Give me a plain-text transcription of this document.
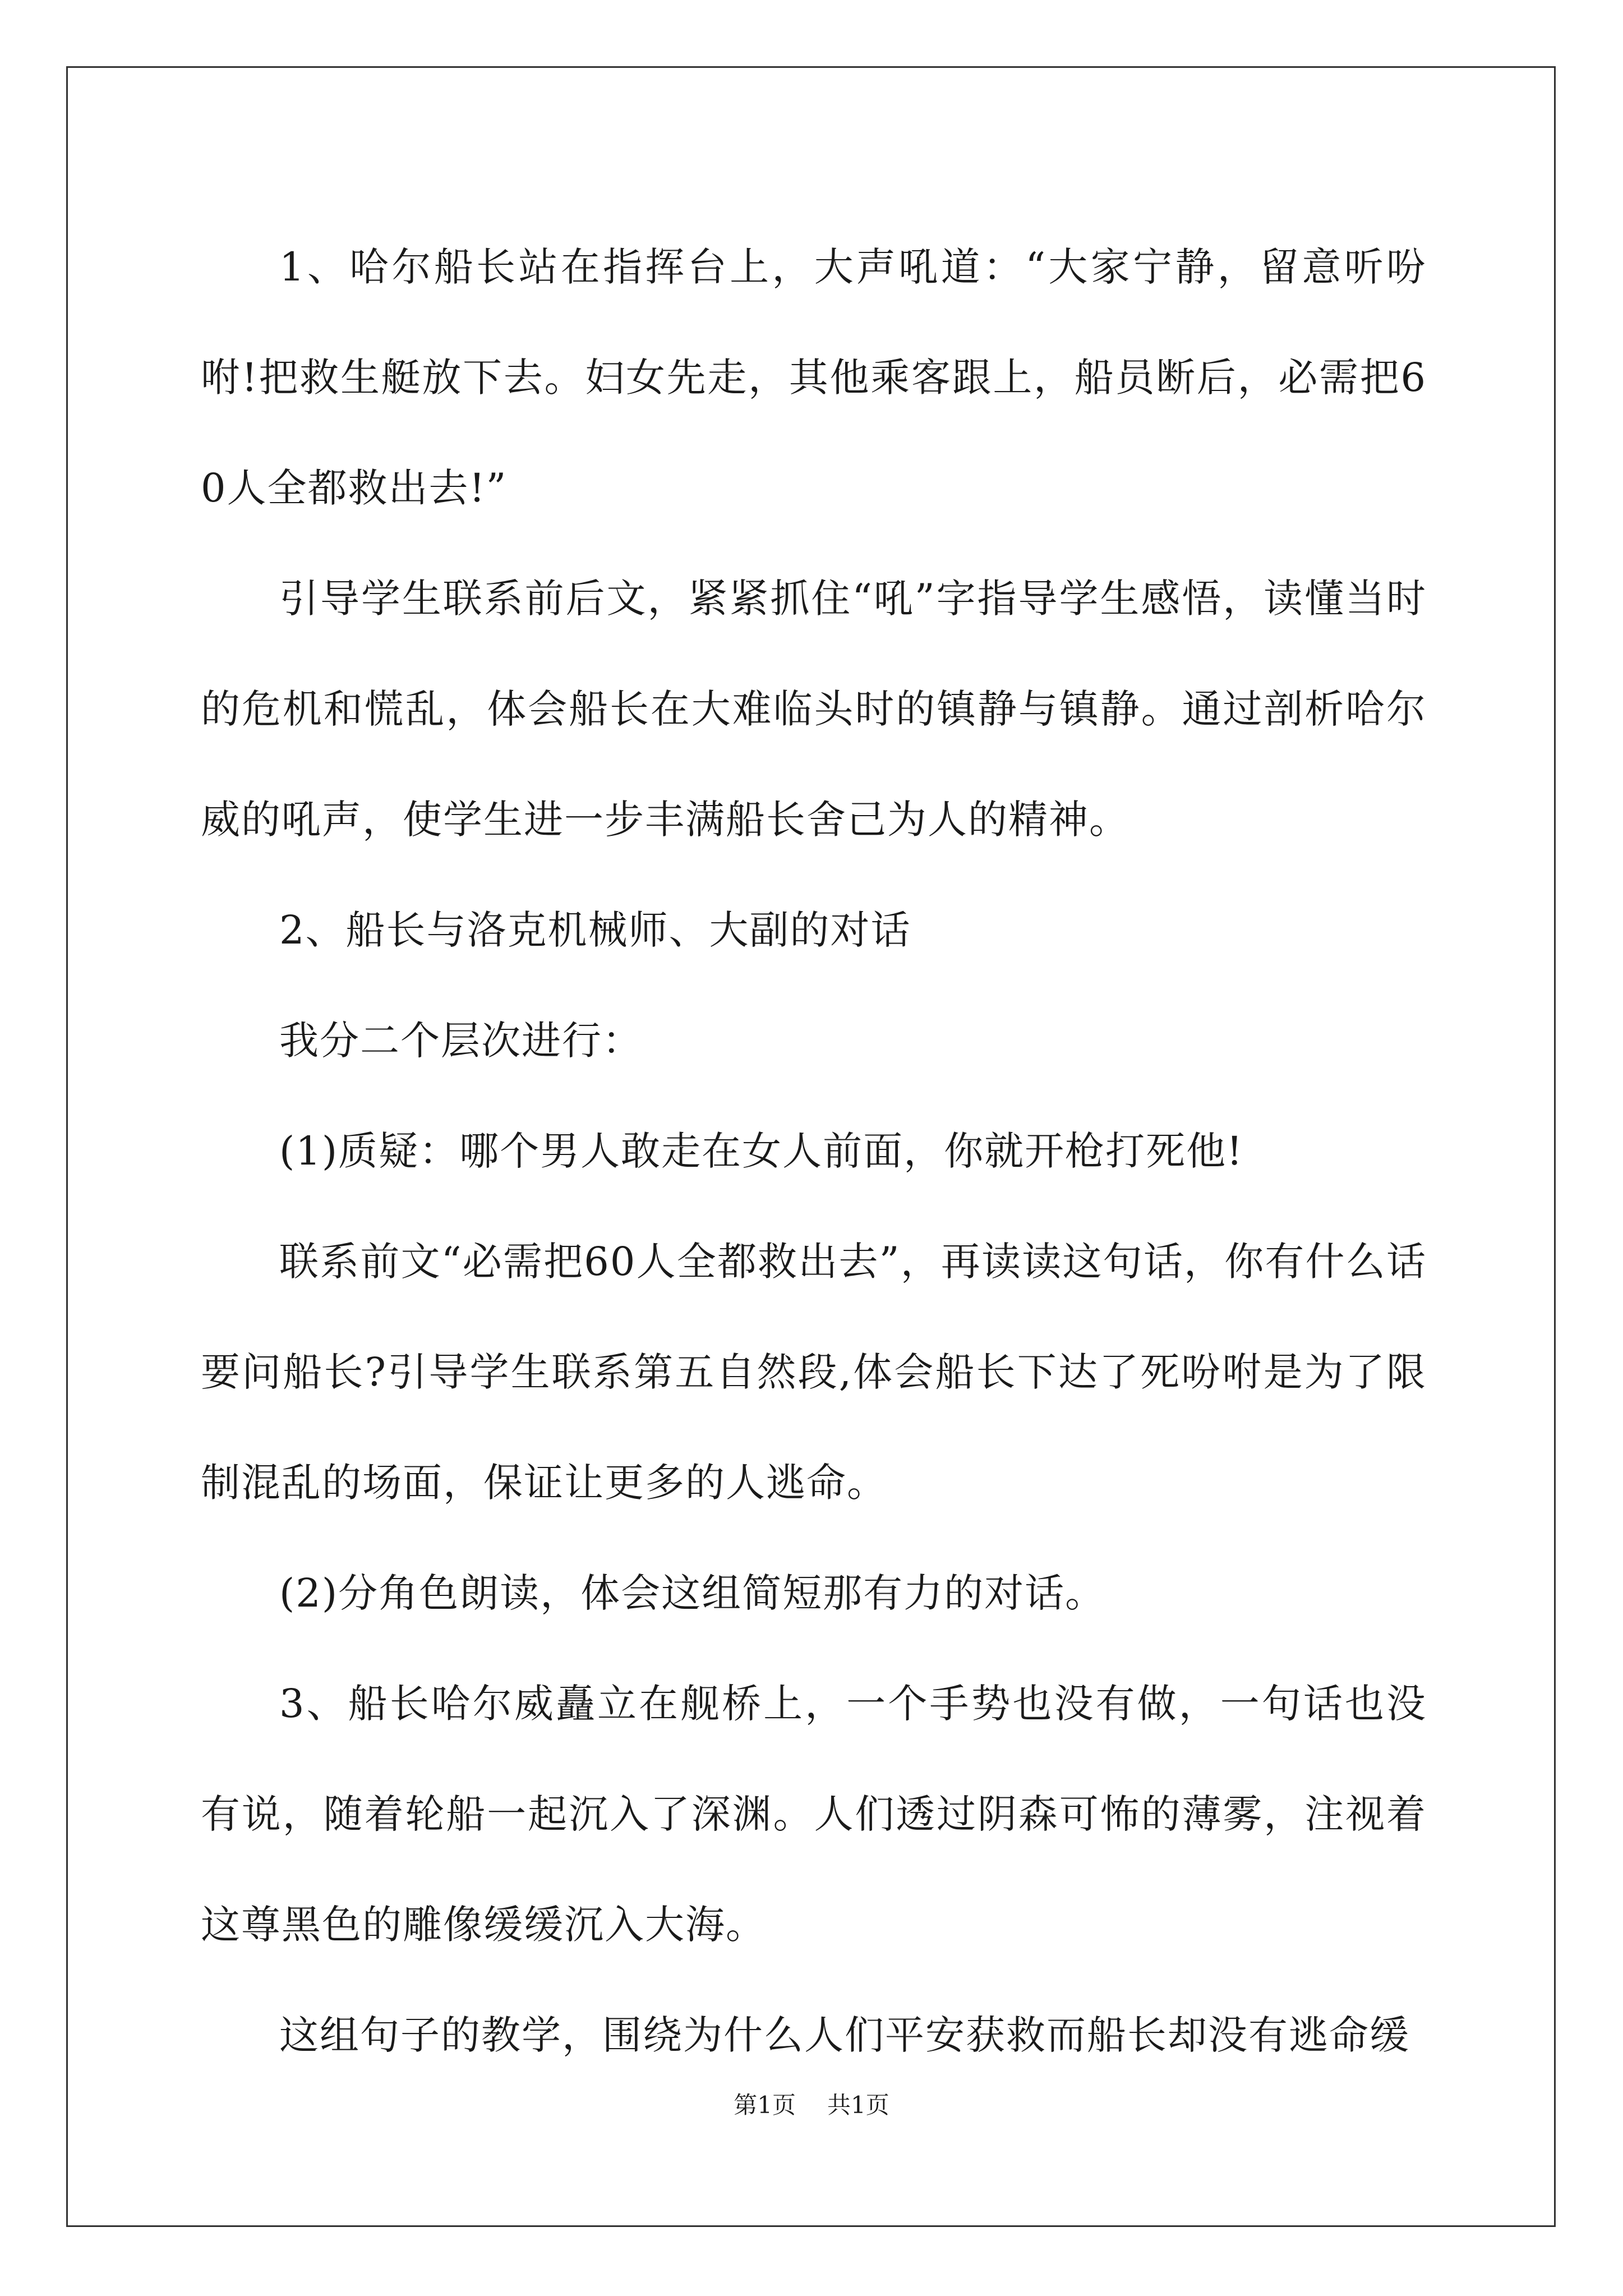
1、哈尔船长站在指挥台上，大声吼道：“大家宁静，留意听吩咐!把救生艇放下去。妇女先走，其他乘客跟上，船员断后，必需把60人全都救出去!”

引导学生联系前后文，紧紧抓住“吼”字指导学生感悟，读懂当时的危机和慌乱，体会船长在大难临头时的镇静与镇静。通过剖析哈尔威的吼声，使学生进一步丰满船长舍己为人的精神。

2、船长与洛克机械师、大副的对话

我分二个层次进行：

(1)质疑：哪个男人敢走在女人前面，你就开枪打死他!

联系前文“必需把60人全都救出去”，再读读这句话，你有什么话要问船长?引导学生联系第五自然段,体会船长下达了死吩咐是为了限制混乱的场面，保证让更多的人逃命。

(2)分角色朗读，体会这组简短那有力的对话。

3、船长哈尔威矗立在舰桥上，一个手势也没有做，一句话也没有说，随着轮船一起沉入了深渊。人们透过阴森可怖的薄雾，注视着这尊黑色的雕像缓缓沉入大海。

这组句子的教学，围绕为什么人们平安获救而船长却没有逃命缓

第1页 共1页
